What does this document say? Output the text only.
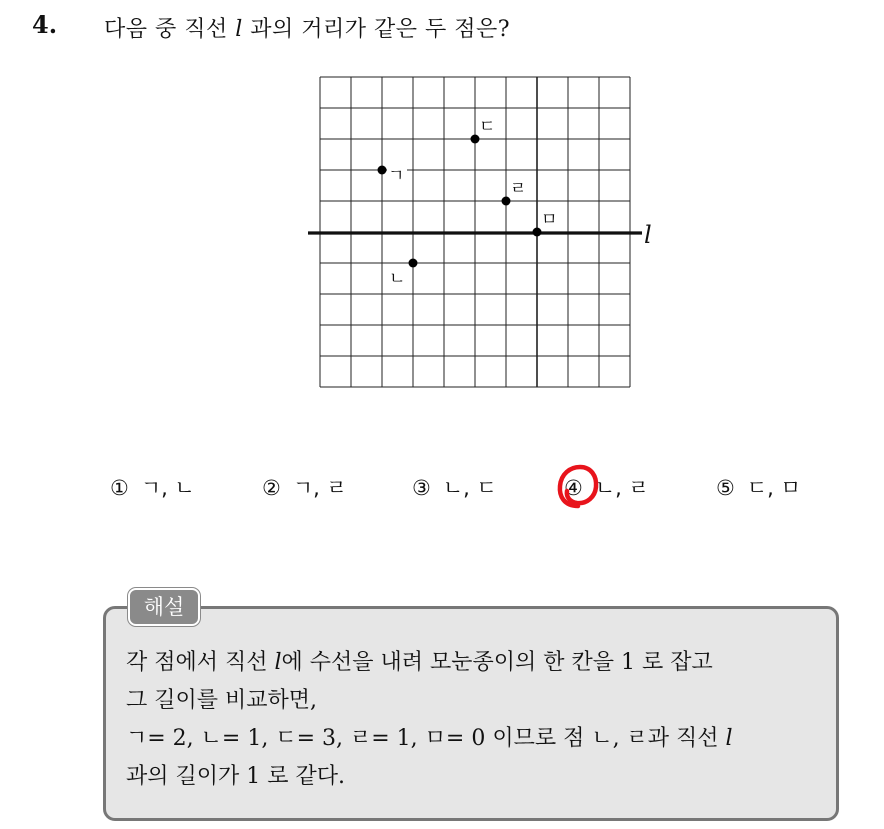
4. 다음 중 직선 l 과의 거리가 같은 두 점은?
l
ㄱ
ㄴ
ㄷ
ㄹ
ㅁ
① ㄱ, ㄴ	② ㄱ, ㄹ	③ ㄴ, ㄷ	④ ㄴ, ㄹ	⑤ ㄷ, ㅁ
해설
각 점에서 직선 l에 수선을 내려 모눈종이의 한 칸을 1 로 잡고
그 길이를 비교하면,
ㄱ= 2, ㄴ= 1, ㄷ= 3, ㄹ= 1, ㅁ= 0 이므로 점 ㄴ, ㄹ과 직선 l
과의 길이가 1 로 같다.
